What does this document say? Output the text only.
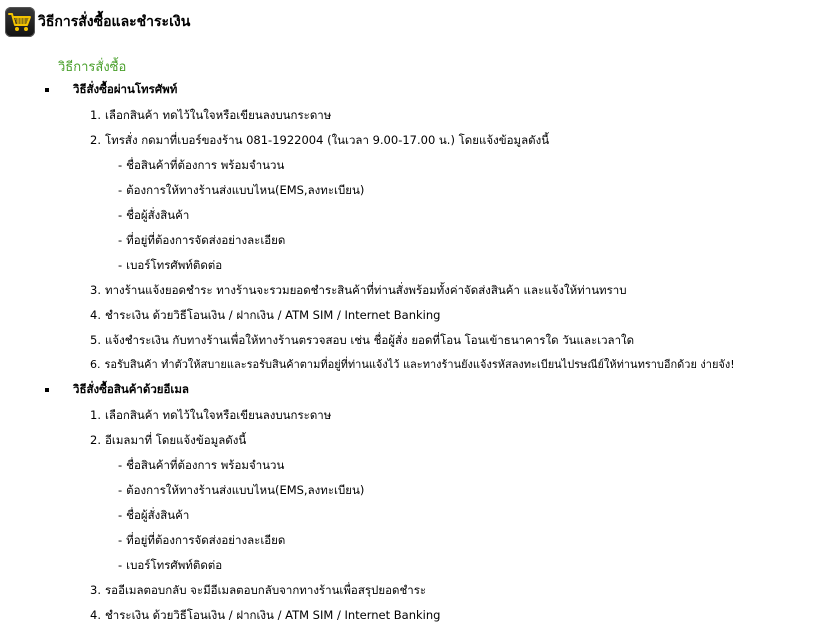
วิธีการสั่งซื้อและชำระเงิน
วิธีการสั่งซื้อ
วิธีสั่งซื้อผ่านโทรศัพท์
1. เลือกสินค้า ทดไว้ในใจหรือเขียนลงบนกระดาษ
2. โทรสั่ง กดมาที่เบอร์ของร้าน 081-1922004 (ในเวลา 9.00-17.00 น.) โดยแจ้งข้อมูลดังนี้
- ชื่อสินค้าที่ต้องการ พร้อมจำนวน
- ต้องการให้ทางร้านส่งแบบไหน(EMS,ลงทะเบียน)
- ชื่อผู้สั่งสินค้า
- ที่อยู่ที่ต้องการจัดส่งอย่างละเอียด
- เบอร์โทรศัพท์ติดต่อ
3. ทางร้านแจ้งยอดชำระ ทางร้านจะรวมยอดชำระสินค้าที่ท่านสั่งพร้อมทั้งค่าจัดส่งสินค้า และแจ้งให้ท่านทราบ
4. ชำระเงิน ด้วยวิธีโอนเงิน / ฝากเงิน / ATM SIM / Internet Banking
5. แจ้งชำระเงิน กับทางร้านเพื่อให้ทางร้านตรวจสอบ เช่น ชื่อผู้สั่ง ยอดที่โอน โอนเข้าธนาคารใด วันและเวลาใด
6. รอรับสินค้า ทำตัวให้สบายและรอรับสินค้าตามที่อยู่ที่ท่านแจ้งไว้ และทางร้านยังแจ้งรหัสลงทะเบียนไปรษณีย์ให้ท่านทราบอีกด้วย ง่ายจัง!
วิธีสั่งซื้อสินค้าด้วยอีเมล
1. เลือกสินค้า ทดไว้ในใจหรือเขียนลงบนกระดาษ
2. อีเมลมาที่ โดยแจ้งข้อมูลดังนี้
- ชื่อสินค้าที่ต้องการ พร้อมจำนวน
- ต้องการให้ทางร้านส่งแบบไหน(EMS,ลงทะเบียน)
- ชื่อผู้สั่งสินค้า
- ที่อยู่ที่ต้องการจัดส่งอย่างละเอียด
- เบอร์โทรศัพท์ติดต่อ
3. รออีเมลตอบกลับ จะมีอีเมลตอบกลับจากทางร้านเพื่อสรุปยอดชำระ
4. ชำระเงิน ด้วยวิธีโอนเงิน / ฝากเงิน / ATM SIM / Internet Banking
